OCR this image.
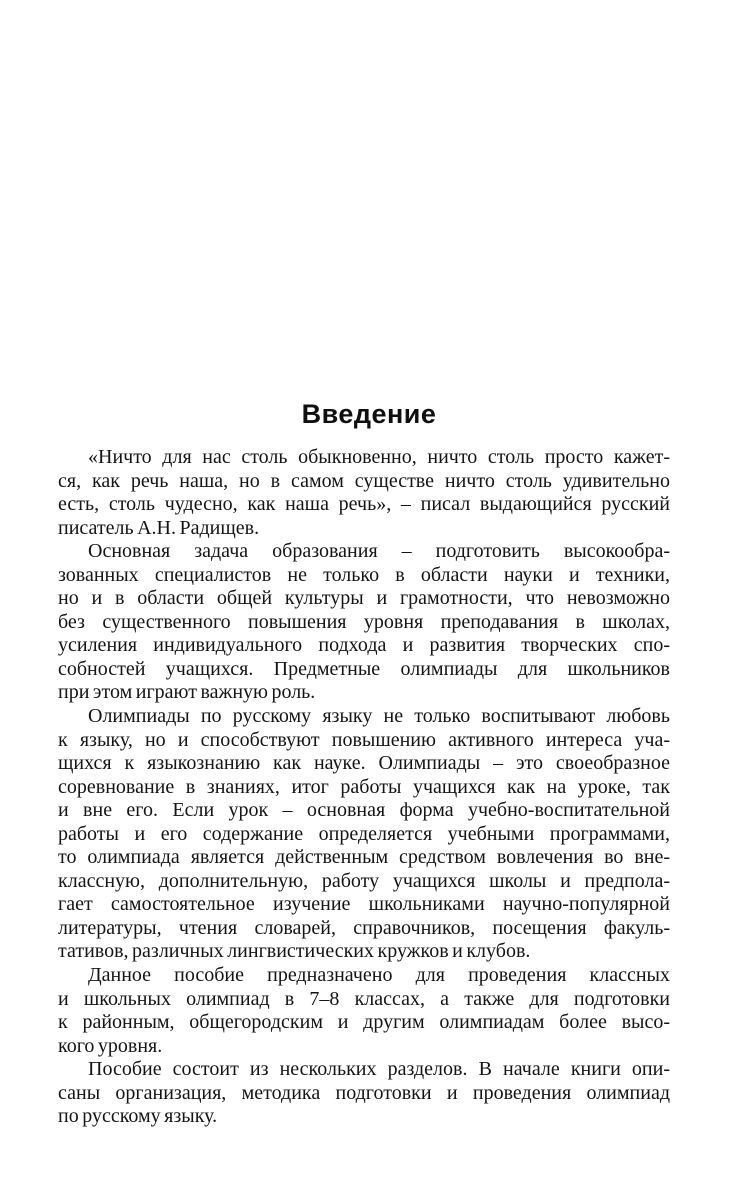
Введение

«Ничто для нас столь обыкновенно, ничто столь просто кажет-
ся, как речь наша, но в самом существе ничто столь удивительно
есть, столь чудесно, как наша речь», – писал выдающийся русский
писатель А.Н. Радищев.

Основная задача образования – подготовить высокообра-
зованных специалистов не только в области науки и техники,
но и в области общей культуры и грамотности, что невозможно
без существенного повышения уровня преподавания в школах,
усиления индивидуального подхода и развития творческих спо-
собностей учащихся. Предметные олимпиады для школьников
при этом играют важную роль.

Олимпиады по русскому языку не только воспитывают любовь
к языку, но и способствуют повышению активного интереса уча-
щихся к языкознанию как науке. Олимпиады – это своеобразное
соревнование в знаниях, итог работы учащихся как на уроке, так
и вне его. Если урок – основная форма учебно-воспитательной
работы и его содержание определяется учебными программами,
то олимпиада является действенным средством вовлечения во вне-
классную, дополнительную, работу учащихся школы и предпола-
гает самостоятельное изучение школьниками научно-популярной
литературы, чтения словарей, справочников, посещения факуль-
тативов, различных лингвистических кружков и клубов.

Данное пособие предназначено для проведения классных
и школьных олимпиад в 7–8 классах, а также для подготовки
к районным, общегородским и другим олимпиадам более высо-
кого уровня.

Пособие состоит из нескольких разделов. В начале книги опи-
саны организация, методика подготовки и проведения олимпиад
по русскому языку.
